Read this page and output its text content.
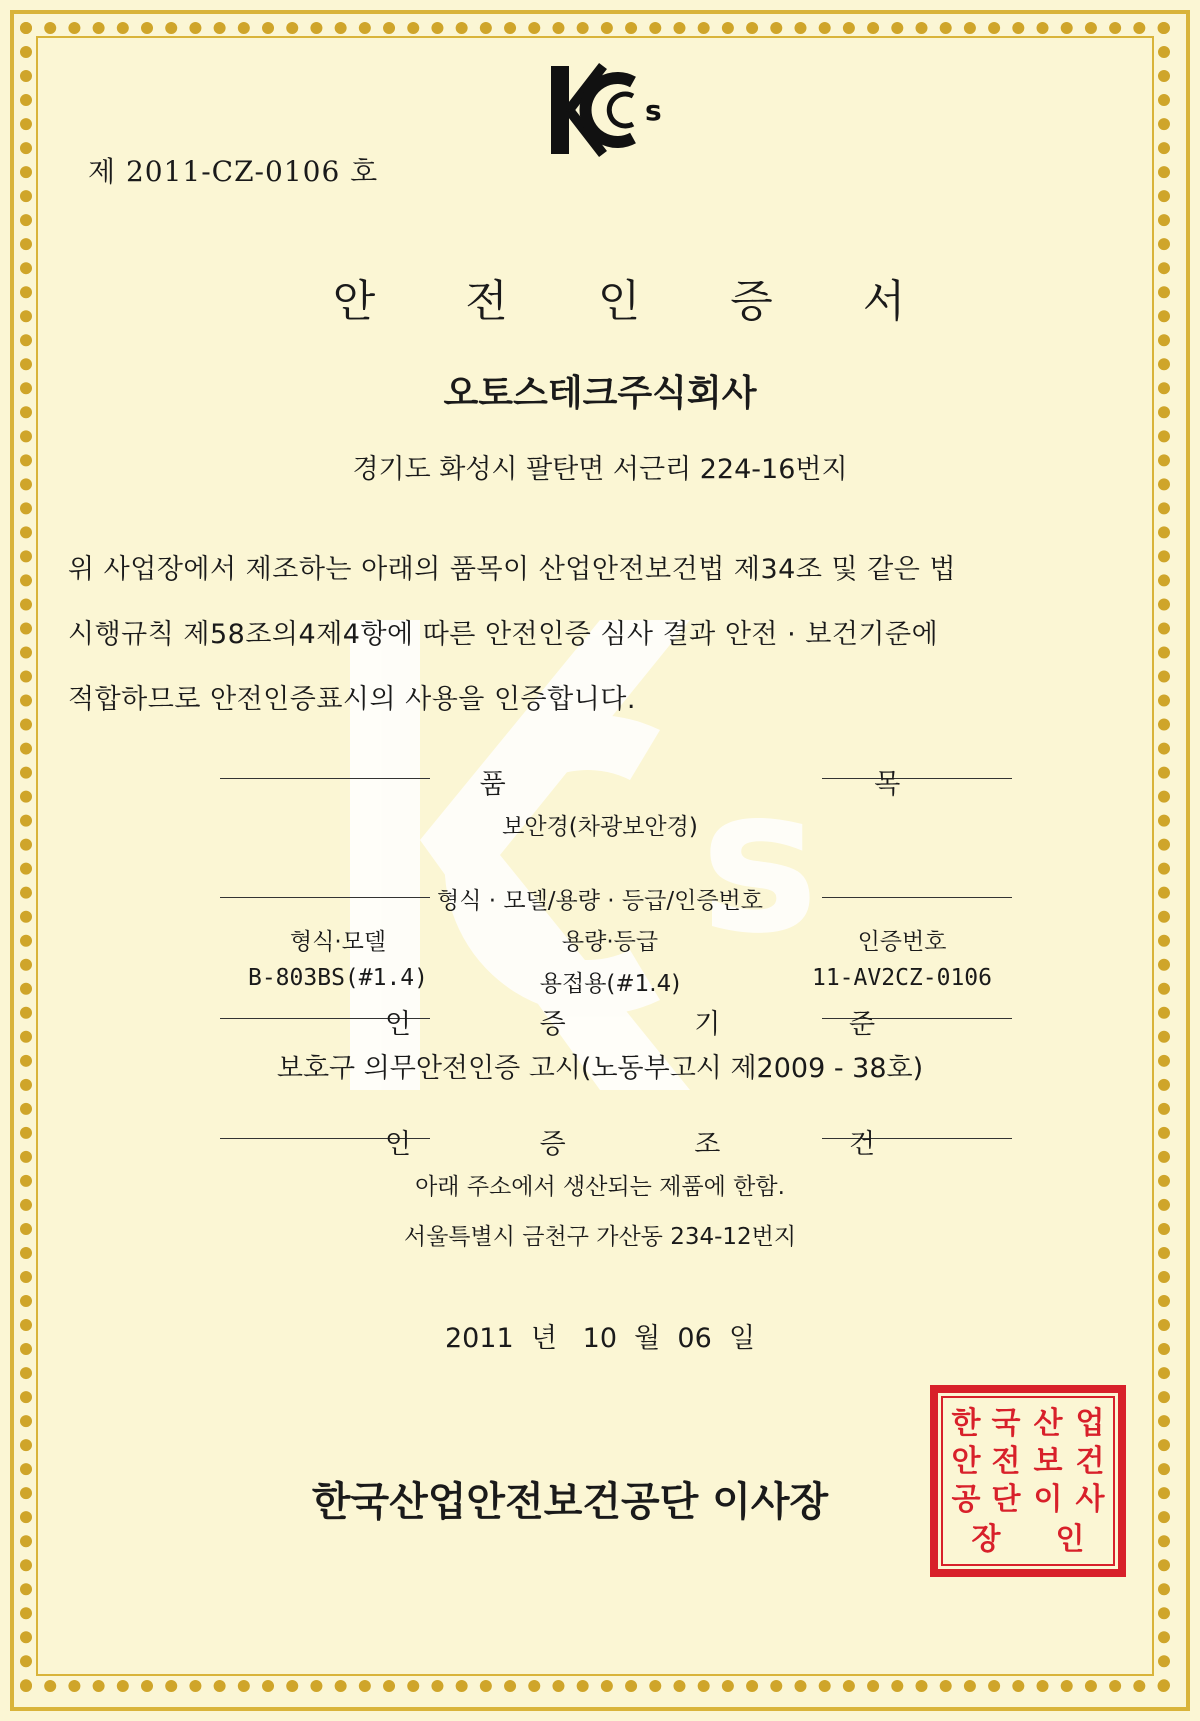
s
s
제 2011-CZ-0106 호
안 전 인 증 서
오토스테크주식회사
경기도 화성시 팔탄면 서근리 224-16번지
위 사업장에서 제조하는 아래의 품목이 산업안전보건법 제34조 및 같은 법
시행규칙 제58조의4제4항에 따른 안전인증 심사 결과 안전 · 보건기준에
적합하므로 안전인증표시의 사용을 인증합니다.
품 목
보안경(차광보안경)
형식 · 모델/용량 · 등급/인증번호
형식·모델	용량·등급	인증번호
B-803BS(#1.4)	용접용(#1.4)	11-AV2CZ-0106
인 증 기 준
보호구 의무안전인증 고시(노동부고시 제2009 - 38호)
인 증 조 건
아래 주소에서 생산되는 제품에 한함.
서울특별시 금천구 가산동 234-12번지
2011  년   10  월  06  일
한국산업안전보건공단 이사장
한 국 산 업
안 전 보 건
공 단 이 사
장 인
